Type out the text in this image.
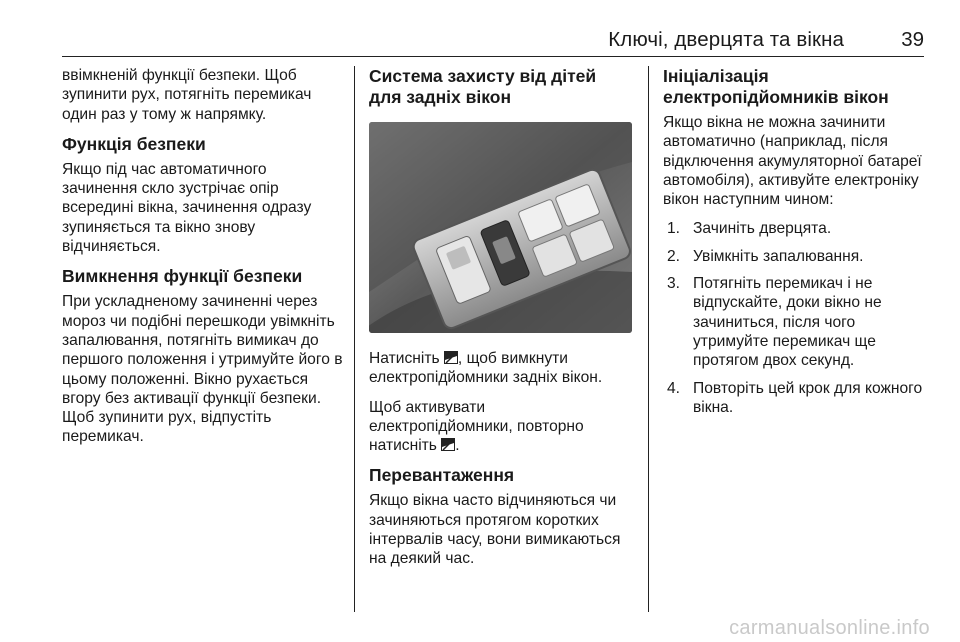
Ключі, дверцята та вікна	39

ввімкненій функції безпеки. Щоб зупинити рух, потягніть перемикач один раз у тому ж напрямку.

Функція безпеки

Якщо під час автоматичного зачинення скло зустрічає опір всередині вікна, зачинення одразу зупиняється та вікно знову відчиняється.

Вимкнення функції безпеки

При ускладненому зачиненні через мороз чи подібні перешкоди увімкніть запалювання, потягніть вимикач до першого положення і утримуйте його в цьому положенні. Вікно рухається вгору без активації функції безпеки. Щоб зупинити рух, відпустіть перемикач.

Система захисту від дітей для задніх вікон

Натисніть , щоб вимкнути електропідйомники задніх вікон.

Щоб активувати електропідйомники, повторно натисніть .

Перевантаження

Якщо вікна часто відчиняються чи зачиняються протягом коротких інтервалів часу, вони вимикаються на деякий час.

Ініціалізація електропідйомників вікон

Якщо вікна не можна зачинити автоматично (наприклад, після відключення акумуляторної батареї автомобіля), активуйте електроніку вікон наступним чином:

1. Зачиніть дверцята.
2. Увімкніть запалювання.
3. Потягніть перемикач і не відпускайте, доки вікно не зачиниться, після чого утримуйте перемикач ще протягом двох секунд.
4. Повторіть цей крок для кожного вікна.
carmanualsonline.info
